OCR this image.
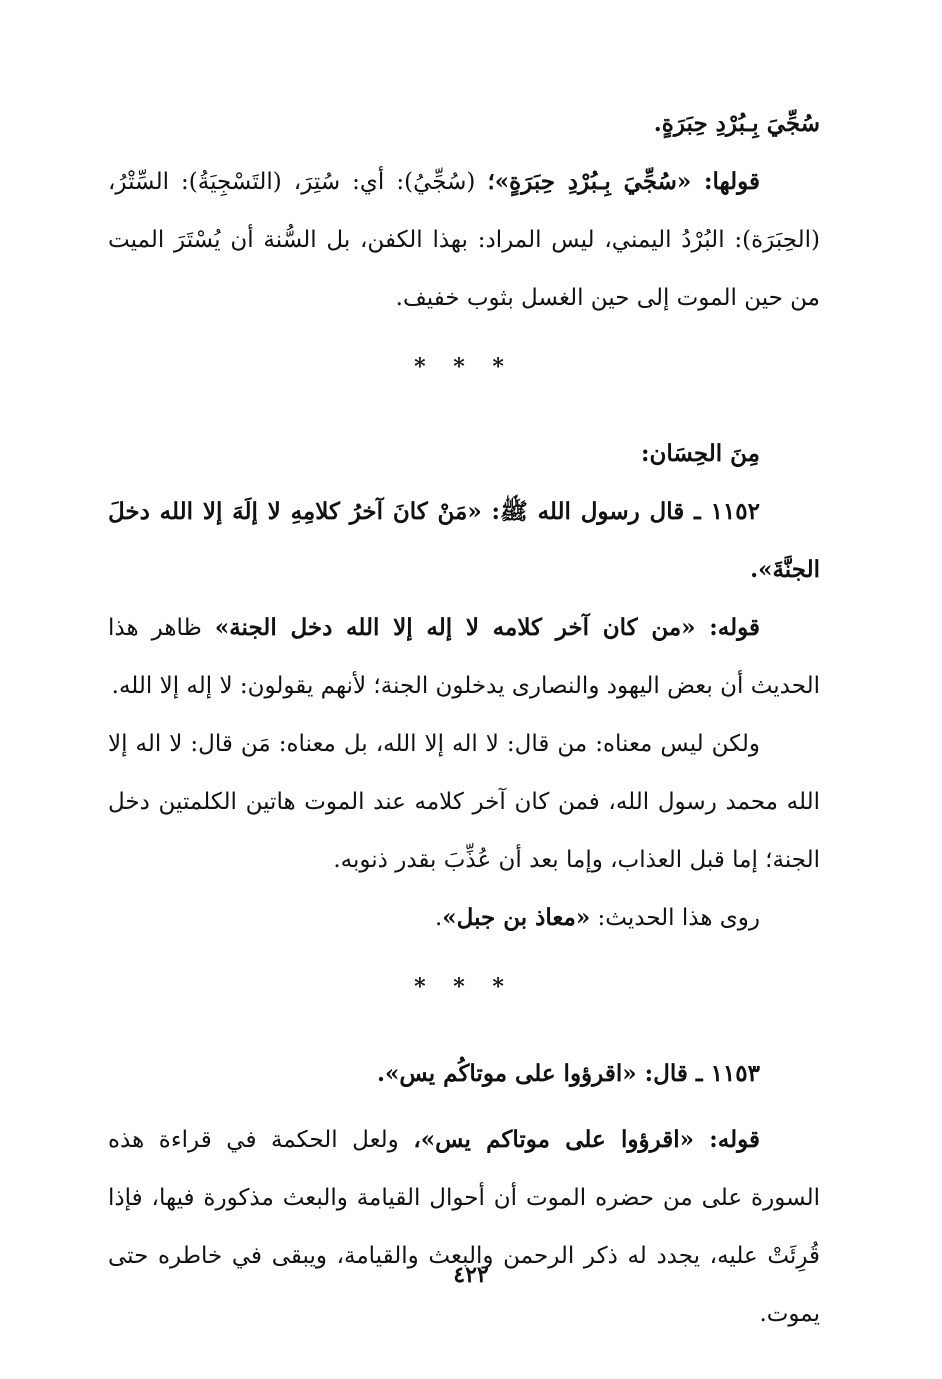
سُجِّيَ بِـبُرْدِ حِبَرَةٍ.

قولها: «سُجِّيَ بِـبُرْدِ حِبَرَةٍ»؛ (سُجِّيُ): أي: سُتِرَ، (التَسْجِيَةُ): السِّتْرُ، (الحِبَرَة): البُرْدُ اليمني، ليس المراد: بهذا الكفن، بل السُّنة أن يُسْتَرَ الميت من حين الموت إلى حين الغسل بثوب خفيف.

* * *

مِنَ الحِسَان:

١١٥٢ ـ قال رسول الله ﷺ: «مَنْ كانَ آخرُ كلامِهِ لا إلَهَ إلا الله دخلَ الجنَّةَ».

قوله: «من كان آخر كلامه لا إله إلا الله دخل الجنة» ظاهر هذا الحديث أن بعض اليهود والنصارى يدخلون الجنة؛ لأنهم يقولون: لا إله إلا الله.

ولكن ليس معناه: من قال: لا اله إلا الله، بل معناه: مَن قال: لا اله إلا الله محمد رسول الله، فمن كان آخر كلامه عند الموت هاتين الكلمتين دخل الجنة؛ إما قبل العذاب، وإما بعد أن عُذِّبَ بقدر ذنوبه.

روى هذا الحديث: «معاذ بن جبل».

* * *

١١٥٣ ـ قال: «اقرؤوا على موتاكُم يس».

قوله: «اقرؤوا على موتاكم يس»، ولعل الحكمة في قراءة هذه السورة على من حضره الموت أن أحوال القيامة والبعث مذكورة فيها، فإذا قُرِئَتْ عليه، يجدد له ذكر الرحمن والبعث والقيامة، ويبقى في خاطره حتى يموت.

٤٢٢
